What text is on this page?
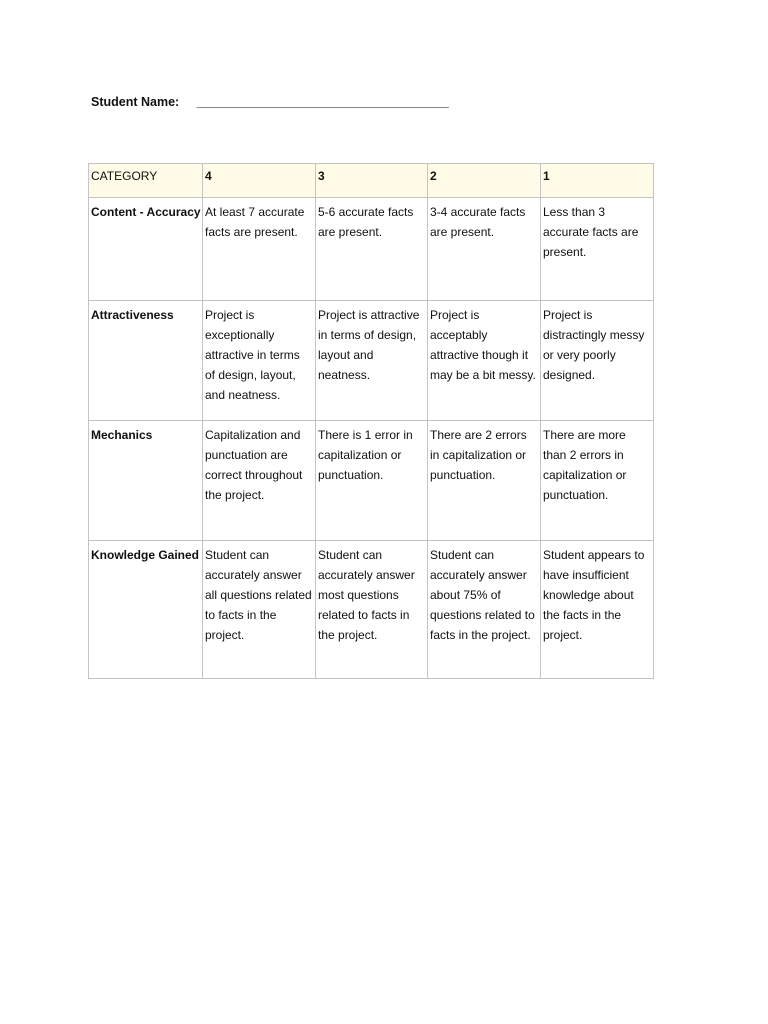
Student Name: _______________________________________
CATEGORY	4	3	2	1
Content - Accuracy	At least 7 accurate facts are present.	5-6 accurate facts are present.	3-4 accurate facts are present.	Less than 3 accurate facts are present.
Attractiveness	Project is exceptionally attractive in terms of design, layout, and neatness.	Project is attractive in terms of design, layout and neatness.	Project is acceptably attractive though it may be a bit messy.	Project is distractingly messy or very poorly designed.
Mechanics	Capitalization and punctuation are correct throughout the project.	There is 1 error in capitalization or punctuation.	There are 2 errors in capitalization or punctuation.	There are more than 2 errors in capitalization or punctuation.
Knowledge Gained	Student can accurately answer all questions related to facts in the project.	Student can accurately answer most questions related to facts in the project.	Student can accurately answer about 75% of questions related to facts in the project.	Student appears to have insufficient knowledge about the facts in the project.
